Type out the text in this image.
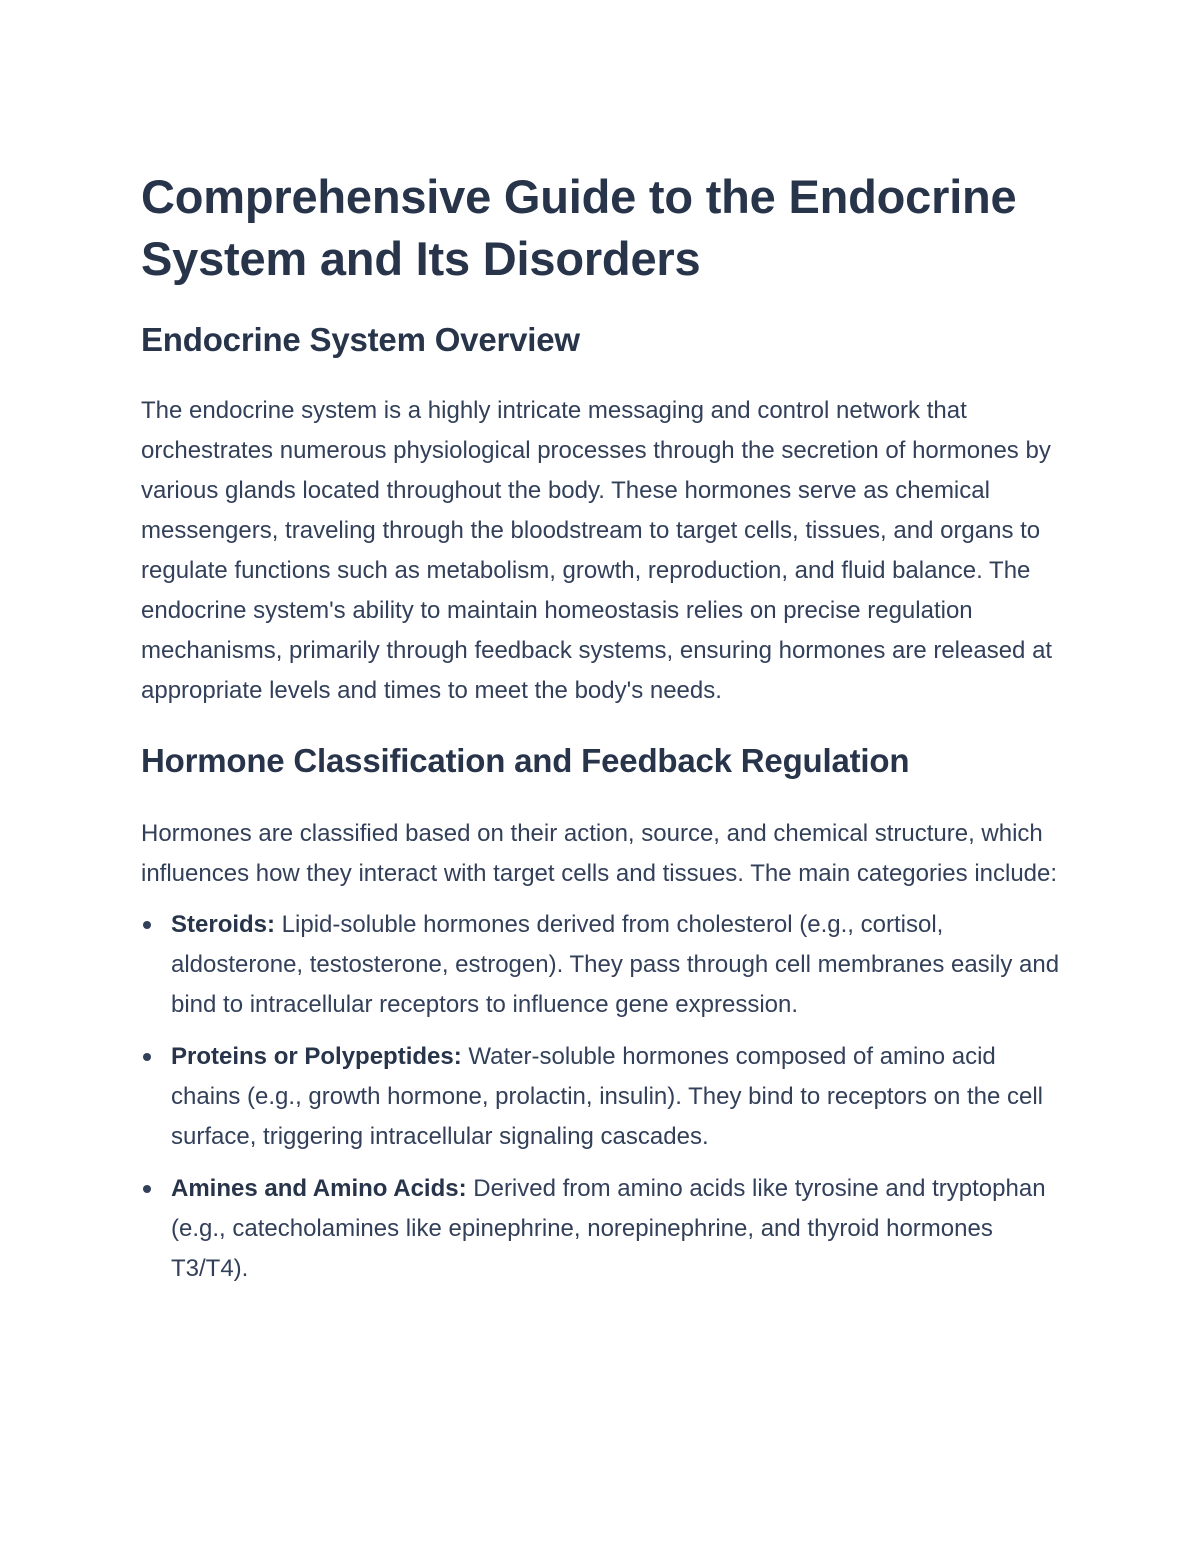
Comprehensive Guide to the Endocrine System and Its Disorders
Endocrine System Overview

The endocrine system is a highly intricate messaging and control network that orchestrates numerous physiological processes through the secretion of hormones by various glands located throughout the body. These hormones serve as chemical messengers, traveling through the bloodstream to target cells, tissues, and organs to regulate functions such as metabolism, growth, reproduction, and fluid balance. The endocrine system's ability to maintain homeostasis relies on precise regulation mechanisms, primarily through feedback systems, ensuring hormones are released at appropriate levels and times to meet the body's needs.

Hormone Classification and Feedback Regulation

Hormones are classified based on their action, source, and chemical structure, which influences how they interact with target cells and tissues. The main categories include:

Steroids: Lipid-soluble hormones derived from cholesterol (e.g., cortisol, aldosterone, testosterone, estrogen). They pass through cell membranes easily and bind to intracellular receptors to influence gene expression.
Proteins or Polypeptides: Water-soluble hormones composed of amino acid chains (e.g., growth hormone, prolactin, insulin). They bind to receptors on the cell surface, triggering intracellular signaling cascades.
Amines and Amino Acids: Derived from amino acids like tyrosine and tryptophan (e.g., catecholamines like epinephrine, norepinephrine, and thyroid hormones T3/T4).
